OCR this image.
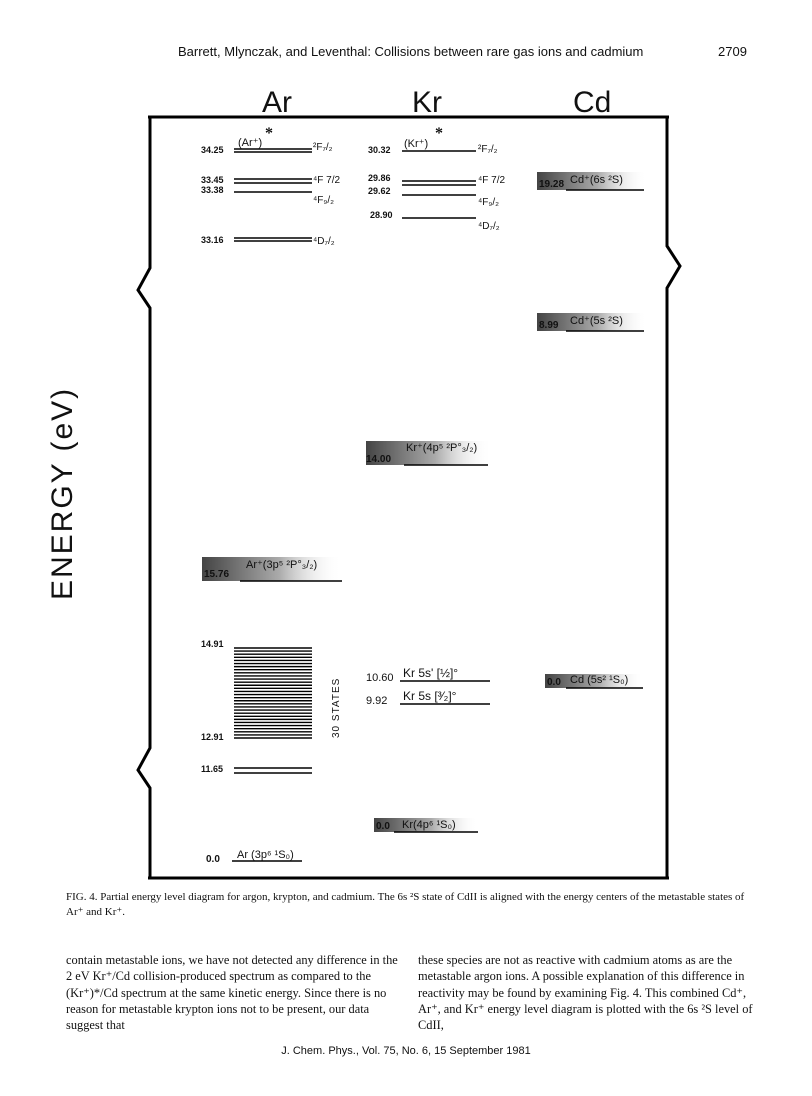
Barrett, Mlynczak, and Leventhal: Collisions between rare gas ions and cadmium	2709
Ar	Kr	Cd
ENERGY (eV)
34.25
(Ar⁺)
*
²F₇/₂
33.45
33.38
⁴F 7/2
⁴F₉/₂
33.16	⁴D₇/₂
Ar⁺(3p⁵ ²P°₃/₂)
15.76
14.91
30 STATES
12.91
11.65
0.0 Ar (3p⁶ ¹S₀)
30.32 (Kr⁺)
*
²F₇/₂
29.86
29.62
⁴F 7/2
⁴F₉/₂
28.90
⁴D₇/₂
Kr⁺(4p⁵ ²P°₃/₂)
14.00
10.60 Kr 5s' [½]°
9.92 Kr 5s [³⁄₂]°
0.0 Kr(4p⁶ ¹S₀)
19.28 Cd⁺(6s ²S)
8.99 Cd⁺(5s ²S)
0.0 Cd (5s² ¹S₀)
FIG. 4. Partial energy level diagram for argon, krypton, and cadmium. The 6s ²S state of CdII is aligned with the energy centers of the metastable states of Ar⁺ and Kr⁺.

contain metastable ions, we have not detected any difference in the 2 eV Kr⁺/Cd collision-produced spectrum as compared to the (Kr⁺)*/Cd spectrum at the same kinetic energy. Since there is no reason for metastable krypton ions not to be present, our data suggest that

these species are not as reactive with cadmium atoms as are the metastable argon ions. A possible explanation of this difference in reactivity may be found by examining Fig. 4. This combined Cd⁺, Ar⁺, and Kr⁺ energy level diagram is plotted with the 6s ²S level of CdII,

J. Chem. Phys., Vol. 75, No. 6, 15 September 1981
